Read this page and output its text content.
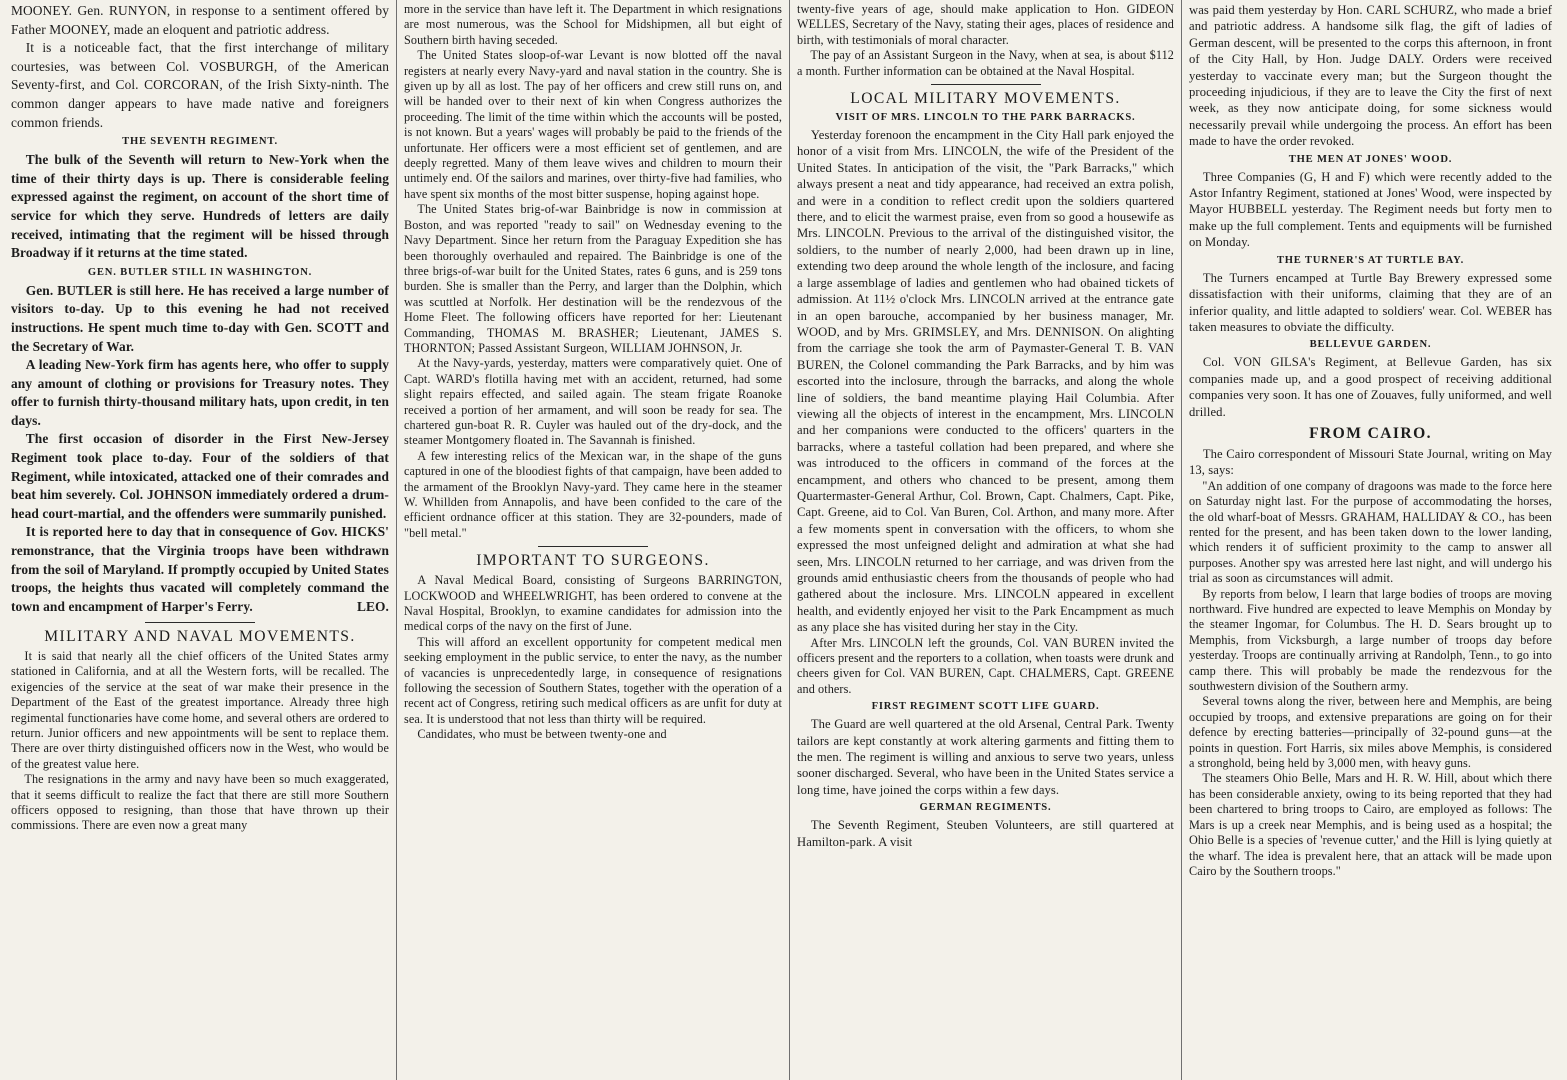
MOONEY. Gen. RUNYON, in response to a sentiment offered by Father MOONEY, made an eloquent and patriotic address.

It is a noticeable fact, that the first interchange of military courtesies, was between Col. VOSBURGH, of the American Seventy-first, and Col. CORCORAN, of the Irish Sixty-ninth. The common danger appears to have made native and foreigners common friends.

THE SEVENTH REGIMENT.

The bulk of the Seventh will return to New-York when the time of their thirty days is up. There is considerable feeling expressed against the regiment, on account of the short time of service for which they serve. Hundreds of letters are daily received, intimating that the regiment will be hissed through Broadway if it returns at the time stated.

GEN. BUTLER STILL IN WASHINGTON.

Gen. BUTLER is still here. He has received a large number of visitors to-day. Up to this evening he had not received instructions. He spent much time to-day with Gen. SCOTT and the Secretary of War.

A leading New-York firm has agents here, who offer to supply any amount of clothing or provisions for Treasury notes. They offer to furnish thirty-thousand military hats, upon credit, in ten days.

The first occasion of disorder in the First New-Jersey Regiment took place to-day. Four of the soldiers of that Regiment, while intoxicated, attacked one of their comrades and beat him severely. Col. JOHNSON immediately ordered a drum-head court-martial, and the offenders were summarily punished.

It is reported here to day that in consequence of Gov. HICKS' remonstrance, that the Virginia troops have been withdrawn from the soil of Maryland. If promptly occupied by United States troops, the heights thus vacated will completely command the town and encampment of Harper's Ferry.	LEO.

MILITARY AND NAVAL MOVEMENTS.

It is said that nearly all the chief officers of the United States army stationed in California, and at all the Western forts, will be recalled. The exigencies of the service at the seat of war make their presence in the Department of the East of the greatest importance. Already three high regimental functionaries have come home, and several others are ordered to return. Junior officers and new appointments will be sent to replace them. There are over thirty distinguished officers now in the West, who would be of the greatest value here.

The resignations in the army and navy have been so much exaggerated, that it seems difficult to realize the fact that there are still more Southern officers opposed to resigning, than those that have thrown up their commissions. There are even now a great many

more in the service than have left it. The Department in which resignations are most numerous, was the School for Midshipmen, all but eight of Southern birth having seceded.

The United States sloop-of-war Levant is now blotted off the naval registers at nearly every Navy-yard and naval station in the country. She is given up by all as lost. The pay of her officers and crew still runs on, and will be handed over to their next of kin when Congress authorizes the proceeding. The limit of the time within which the accounts will be posted, is not known. But a years' wages will probably be paid to the friends of the unfortunate. Her officers were a most efficient set of gentlemen, and are deeply regretted. Many of them leave wives and children to mourn their untimely end. Of the sailors and marines, over thirty-five had families, who have spent six months of the most bitter suspense, hoping against hope.

The United States brig-of-war Bainbridge is now in commission at Boston, and was reported "ready to sail" on Wednesday evening to the Navy Department. Since her return from the Paraguay Expedition she has been thoroughly overhauled and repaired. The Bainbridge is one of the three brigs-of-war built for the United States, rates 6 guns, and is 259 tons burden. She is smaller than the Perry, and larger than the Dolphin, which was scuttled at Norfolk. Her destination will be the rendezvous of the Home Fleet. The following officers have reported for her: Lieutenant Commanding, THOMAS M. BRASHER; Lieutenant, JAMES S. THORNTON; Passed Assistant Surgeon, WILLIAM JOHNSON, Jr.

At the Navy-yards, yesterday, matters were comparatively quiet. One of Capt. WARD's flotilla having met with an accident, returned, had some slight repairs effected, and sailed again. The steam frigate Roanoke received a portion of her armament, and will soon be ready for sea. The chartered gun-boat R. R. Cuyler was hauled out of the dry-dock, and the steamer Montgomery floated in. The Savannah is finished.

A few interesting relics of the Mexican war, in the shape of the guns captured in one of the bloodiest fights of that campaign, have been added to the armament of the Brooklyn Navy-yard. They came here in the steamer W. Whillden from Annapolis, and have been confided to the care of the efficient ordnance officer at this station. They are 32-pounders, made of "bell metal."

IMPORTANT TO SURGEONS.

A Naval Medical Board, consisting of Surgeons BARRINGTON, LOCKWOOD and WHEELWRIGHT, has been ordered to convene at the Naval Hospital, Brooklyn, to examine candidates for admission into the medical corps of the navy on the first of June.

This will afford an excellent opportunity for competent medical men seeking employment in the public service, to enter the navy, as the number of vacancies is unprecedentedly large, in consequence of resignations following the secession of Southern States, together with the operation of a recent act of Congress, retiring such medical officers as are unfit for duty at sea. It is understood that not less than thirty will be required.

Candidates, who must be between twenty-one and

twenty-five years of age, should make application to Hon. GIDEON WELLES, Secretary of the Navy, stating their ages, places of residence and birth, with testimonials of moral character.

The pay of an Assistant Surgeon in the Navy, when at sea, is about $112 a month. Further information can be obtained at the Naval Hospital.

LOCAL MILITARY MOVEMENTS.
VISIT OF MRS. LINCOLN TO THE PARK BARRACKS.

Yesterday forenoon the encampment in the City Hall park enjoyed the honor of a visit from Mrs. LINCOLN, the wife of the President of the United States. In anticipation of the visit, the "Park Barracks," which always present a neat and tidy appearance, had received an extra polish, and were in a condition to reflect credit upon the soldiers quartered there, and to elicit the warmest praise, even from so good a housewife as Mrs. LINCOLN. Previous to the arrival of the distinguished visitor, the soldiers, to the number of nearly 2,000, had been drawn up in line, extending two deep around the whole length of the inclosure, and facing a large assemblage of ladies and gentlemen who had obained tickets of admission. At 11½ o'clock Mrs. LINCOLN arrived at the entrance gate in an open barouche, accompanied by her business manager, Mr. WOOD, and by Mrs. GRIMSLEY, and Mrs. DENNISON. On alighting from the carriage she took the arm of Paymaster-General T. B. VAN BUREN, the Colonel commanding the Park Barracks, and by him was escorted into the inclosure, through the barracks, and along the whole line of soldiers, the band meantime playing Hail Columbia. After viewing all the objects of interest in the encampment, Mrs. LINCOLN and her companions were conducted to the officers' quarters in the barracks, where a tasteful collation had been prepared, and where she was introduced to the officers in command of the forces at the encampment, and others who chanced to be present, among them Quartermaster-General Arthur, Col. Brown, Capt. Chalmers, Capt. Pike, Capt. Greene, aid to Col. Van Buren, Col. Arthon, and many more. After a few moments spent in conversation with the officers, to whom she expressed the most unfeigned delight and admiration at what she had seen, Mrs. LINCOLN returned to her carriage, and was driven from the grounds amid enthusiastic cheers from the thousands of people who had gathered about the inclosure. Mrs. LINCOLN appeared in excellent health, and evidently enjoyed her visit to the Park Encampment as much as any place she has visited during her stay in the City.

After Mrs. LINCOLN left the grounds, Col. VAN BUREN invited the officers present and the reporters to a collation, when toasts were drunk and cheers given for Col. VAN BUREN, Capt. CHALMERS, Capt. GREENE and others.

FIRST REGIMENT SCOTT LIFE GUARD.

The Guard are well quartered at the old Arsenal, Central Park. Twenty tailors are kept constantly at work altering garments and fitting them to the men. The regiment is willing and anxious to serve two years, unless sooner discharged. Several, who have been in the United States service a long time, have joined the corps within a few days.

GERMAN REGIMENTS.

The Seventh Regiment, Steuben Volunteers, are still quartered at Hamilton-park. A visit

was paid them yesterday by Hon. CARL SCHURZ, who made a brief and patriotic address. A handsome silk flag, the gift of ladies of German descent, will be presented to the corps this afternoon, in front of the City Hall, by Hon. Judge DALY. Orders were received yesterday to vaccinate every man; but the Surgeon thought the proceeding injudicious, if they are to leave the City the first of next week, as they now anticipate doing, for some sickness would necessarily prevail while undergoing the process. An effort has been made to have the order revoked.

THE MEN AT JONES' WOOD.

Three Companies (G, H and F) which were recently added to the Astor Infantry Regiment, stationed at Jones' Wood, were inspected by Mayor HUBBELL yesterday. The Regiment needs but forty men to make up the full complement. Tents and equipments will be furnished on Monday.

THE TURNER'S AT TURTLE BAY.

The Turners encamped at Turtle Bay Brewery expressed some dissatisfaction with their uniforms, claiming that they are of an inferior quality, and little adapted to soldiers' wear. Col. WEBER has taken measures to obviate the difficulty.

BELLEVUE GARDEN.

Col. VON GILSA's Regiment, at Bellevue Garden, has six companies made up, and a good prospect of receiving additional companies very soon. It has one of Zouaves, fully uniformed, and well drilled.

FROM CAIRO.

The Cairo correspondent of Missouri State Journal, writing on May 13, says:

"An addition of one company of dragoons was made to the force here on Saturday night last. For the purpose of accommodating the horses, the old wharf-boat of Messrs. GRAHAM, HALLIDAY & CO., has been rented for the present, and has been taken down to the lower landing, which renders it of sufficient proximity to the camp to answer all purposes. Another spy was arrested here last night, and will undergo his trial as soon as circumstances will admit.

By reports from below, I learn that large bodies of troops are moving northward. Five hundred are expected to leave Memphis on Monday by the steamer Ingomar, for Columbus. The H. D. Sears brought up to Memphis, from Vicksburgh, a large number of troops day before yesterday. Troops are continually arriving at Randolph, Tenn., to go into camp there. This will probably be made the rendezvous for the southwestern division of the Southern army.

Several towns along the river, between here and Memphis, are being occupied by troops, and extensive preparations are going on for their defence by erecting batteries—principally of 32-pound guns—at the points in question. Fort Harris, six miles above Memphis, is considered a stronghold, being held by 3,000 men, with heavy guns.

The steamers Ohio Belle, Mars and H. R. W. Hill, about which there has been considerable anxiety, owing to its being reported that they had been chartered to bring troops to Cairo, are employed as follows: The Mars is up a creek near Memphis, and is being used as a hospital; the Ohio Belle is a species of 'revenue cutter,' and the Hill is lying quietly at the wharf. The idea is prevalent here, that an attack will be made upon Cairo by the Southern troops."
